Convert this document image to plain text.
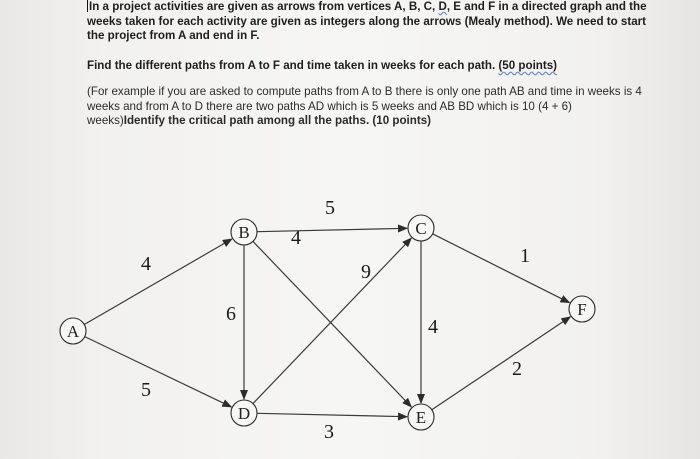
In a project activities are given as arrows from vertices A, B, C, D, E and F in a directed graph and the weeks taken for each activity are given as integers along the arrows (Mealy method). We need to start the project from A and end in F.
Find the different paths from A to F and time taken in weeks for each path. (50 points)
(For example if you are asked to compute paths from A to B there is only one path AB and time in weeks is 4 weeks and from A to D there are two paths AD which is 5 weeks and AB BD which is 10 (4 + 6) weeks)Identify the critical path among all the paths. (10 points)
4
5
5
6
4
9
4
1
3
2
A
B	C
D	E
F
